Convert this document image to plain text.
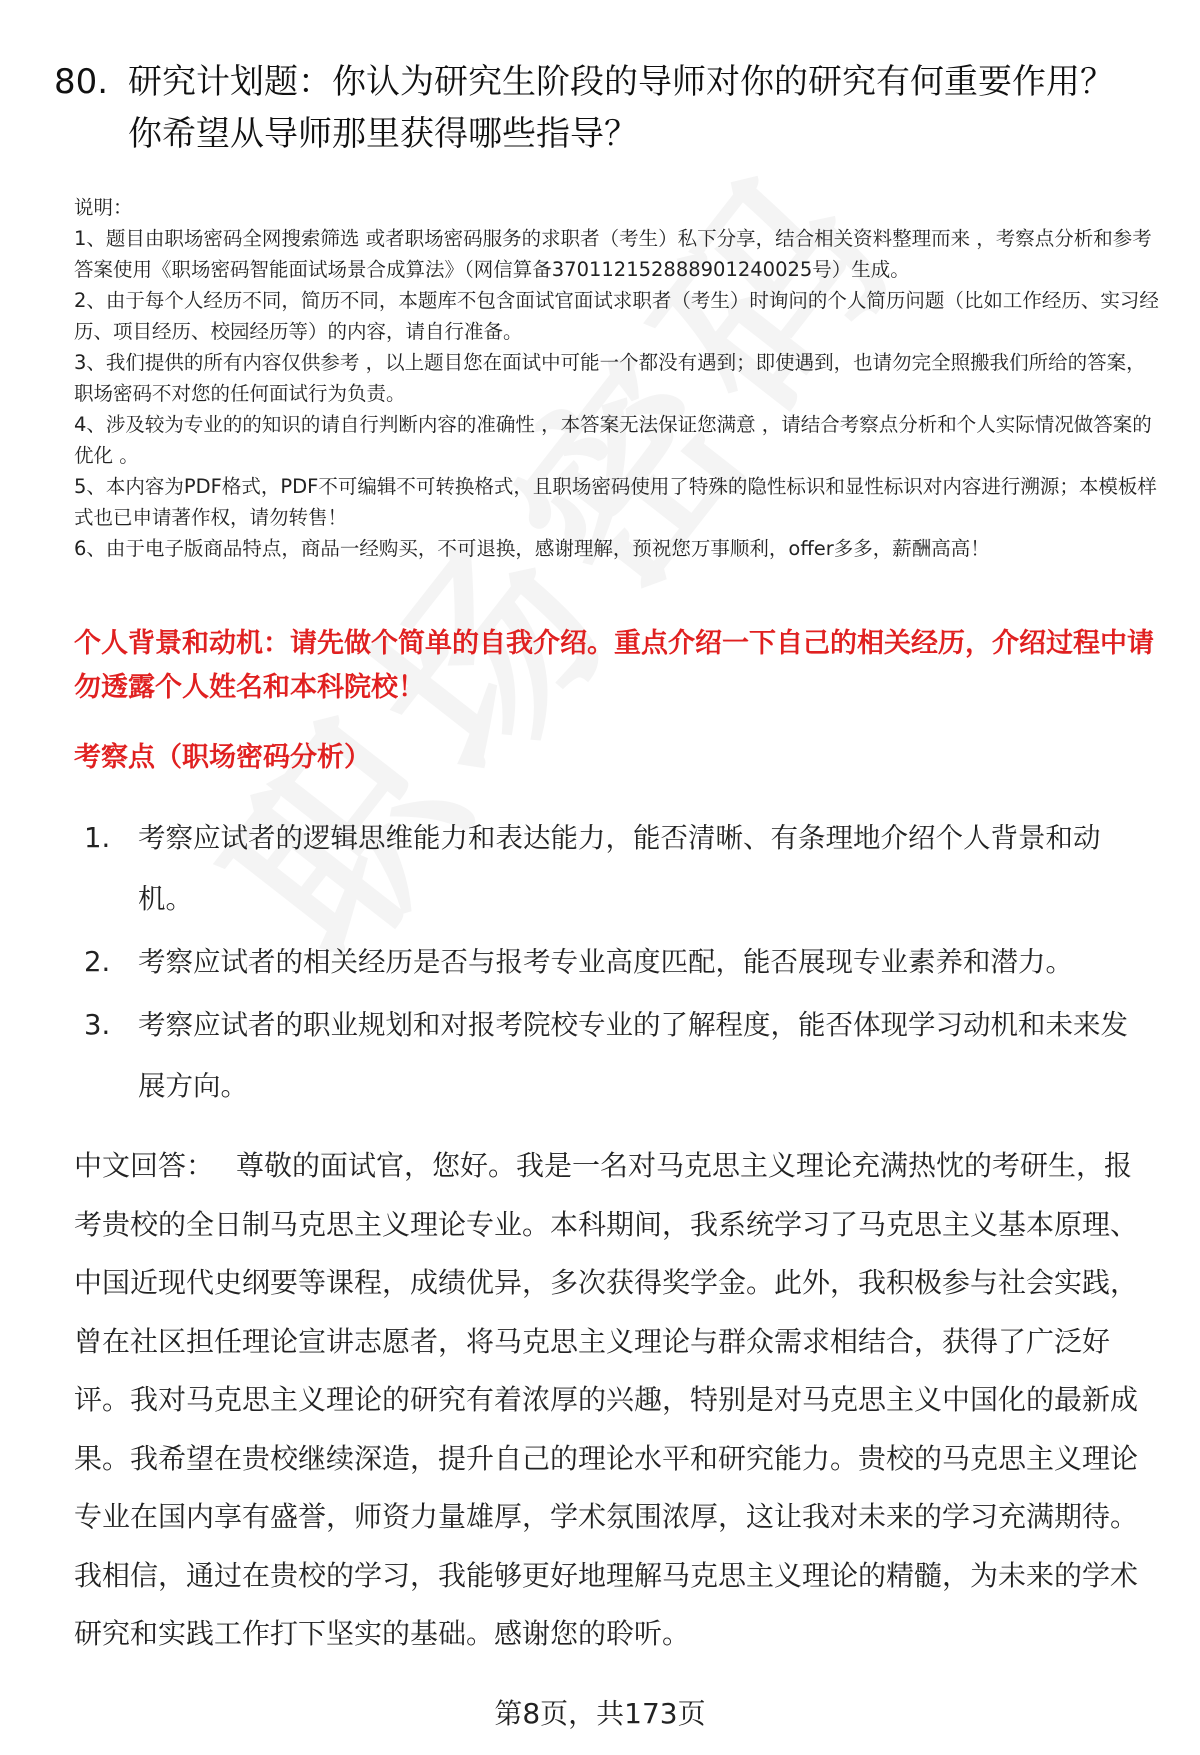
80. 研究计划题：你认为研究生阶段的导师对你的研究有何重要作用？你希望从导师那里获得哪些指导？

说明：

1、题目由职场密码全网搜索筛选 或者职场密码服务的求职者（考生）私下分享，结合相关资料整理而来 ，考察点分析和参考答案使用《职场密码智能面试场景合成算法》（网信算备370112152888901240025号）生成。

2、由于每个人经历不同，简历不同，本题库不包含面试官面试求职者（考生）时询问的个人简历问题（比如工作经历、实习经历、项目经历、校园经历等）的内容，请自行准备。

3、我们提供的所有内容仅供参考 ，以上题目您在面试中可能一个都没有遇到；即使遇到，也请勿完全照搬我们所给的答案，职场密码不对您的任何面试行为负责。

4、涉及较为专业的的知识的请自行判断内容的准确性 ，本答案无法保证您满意 ，请结合考察点分析和个人实际情况做答案的优化 。

5、本内容为PDF格式，PDF不可编辑不可转换格式，且职场密码使用了特殊的隐性标识和显性标识对内容进行溯源；本模板样式也已申请著作权，请勿转售！

6、由于电子版商品特点，商品一经购买，不可退换，感谢理解，预祝您万事顺利，offer多多，薪酬高高！

个人背景和动机：请先做个简单的自我介绍。重点介绍一下自己的相关经历，介绍过程中请勿透露个人姓名和本科院校！

考察点（职场密码分析）

1.	考察应试者的逻辑思维能力和表达能力，能否清晰、有条理地介绍个人背景和动机。
2.	考察应试者的相关经历是否与报考专业高度匹配，能否展现专业素养和潜力。
3.	考察应试者的职业规划和对报考院校专业的了解程度，能否体现学习动机和未来发展方向。

中文回答： 尊敬的面试官，您好。我是一名对马克思主义理论充满热忱的考研生，报考贵校的全日制马克思主义理论专业。本科期间，我系统学习了马克思主义基本原理、中国近现代史纲要等课程，成绩优异，多次获得奖学金。此外，我积极参与社会实践，曾在社区担任理论宣讲志愿者，将马克思主义理论与群众需求相结合，获得了广泛好评。我对马克思主义理论的研究有着浓厚的兴趣，特别是对马克思主义中国化的最新成果。我希望在贵校继续深造，提升自己的理论水平和研究能力。贵校的马克思主义理论专业在国内享有盛誉，师资力量雄厚，学术氛围浓厚，这让我对未来的学习充满期待。我相信，通过在贵校的学习，我能够更好地理解马克思主义理论的精髓，为未来的学术研究和实践工作打下坚实的基础。感谢您的聆听。

第8页，共173页
